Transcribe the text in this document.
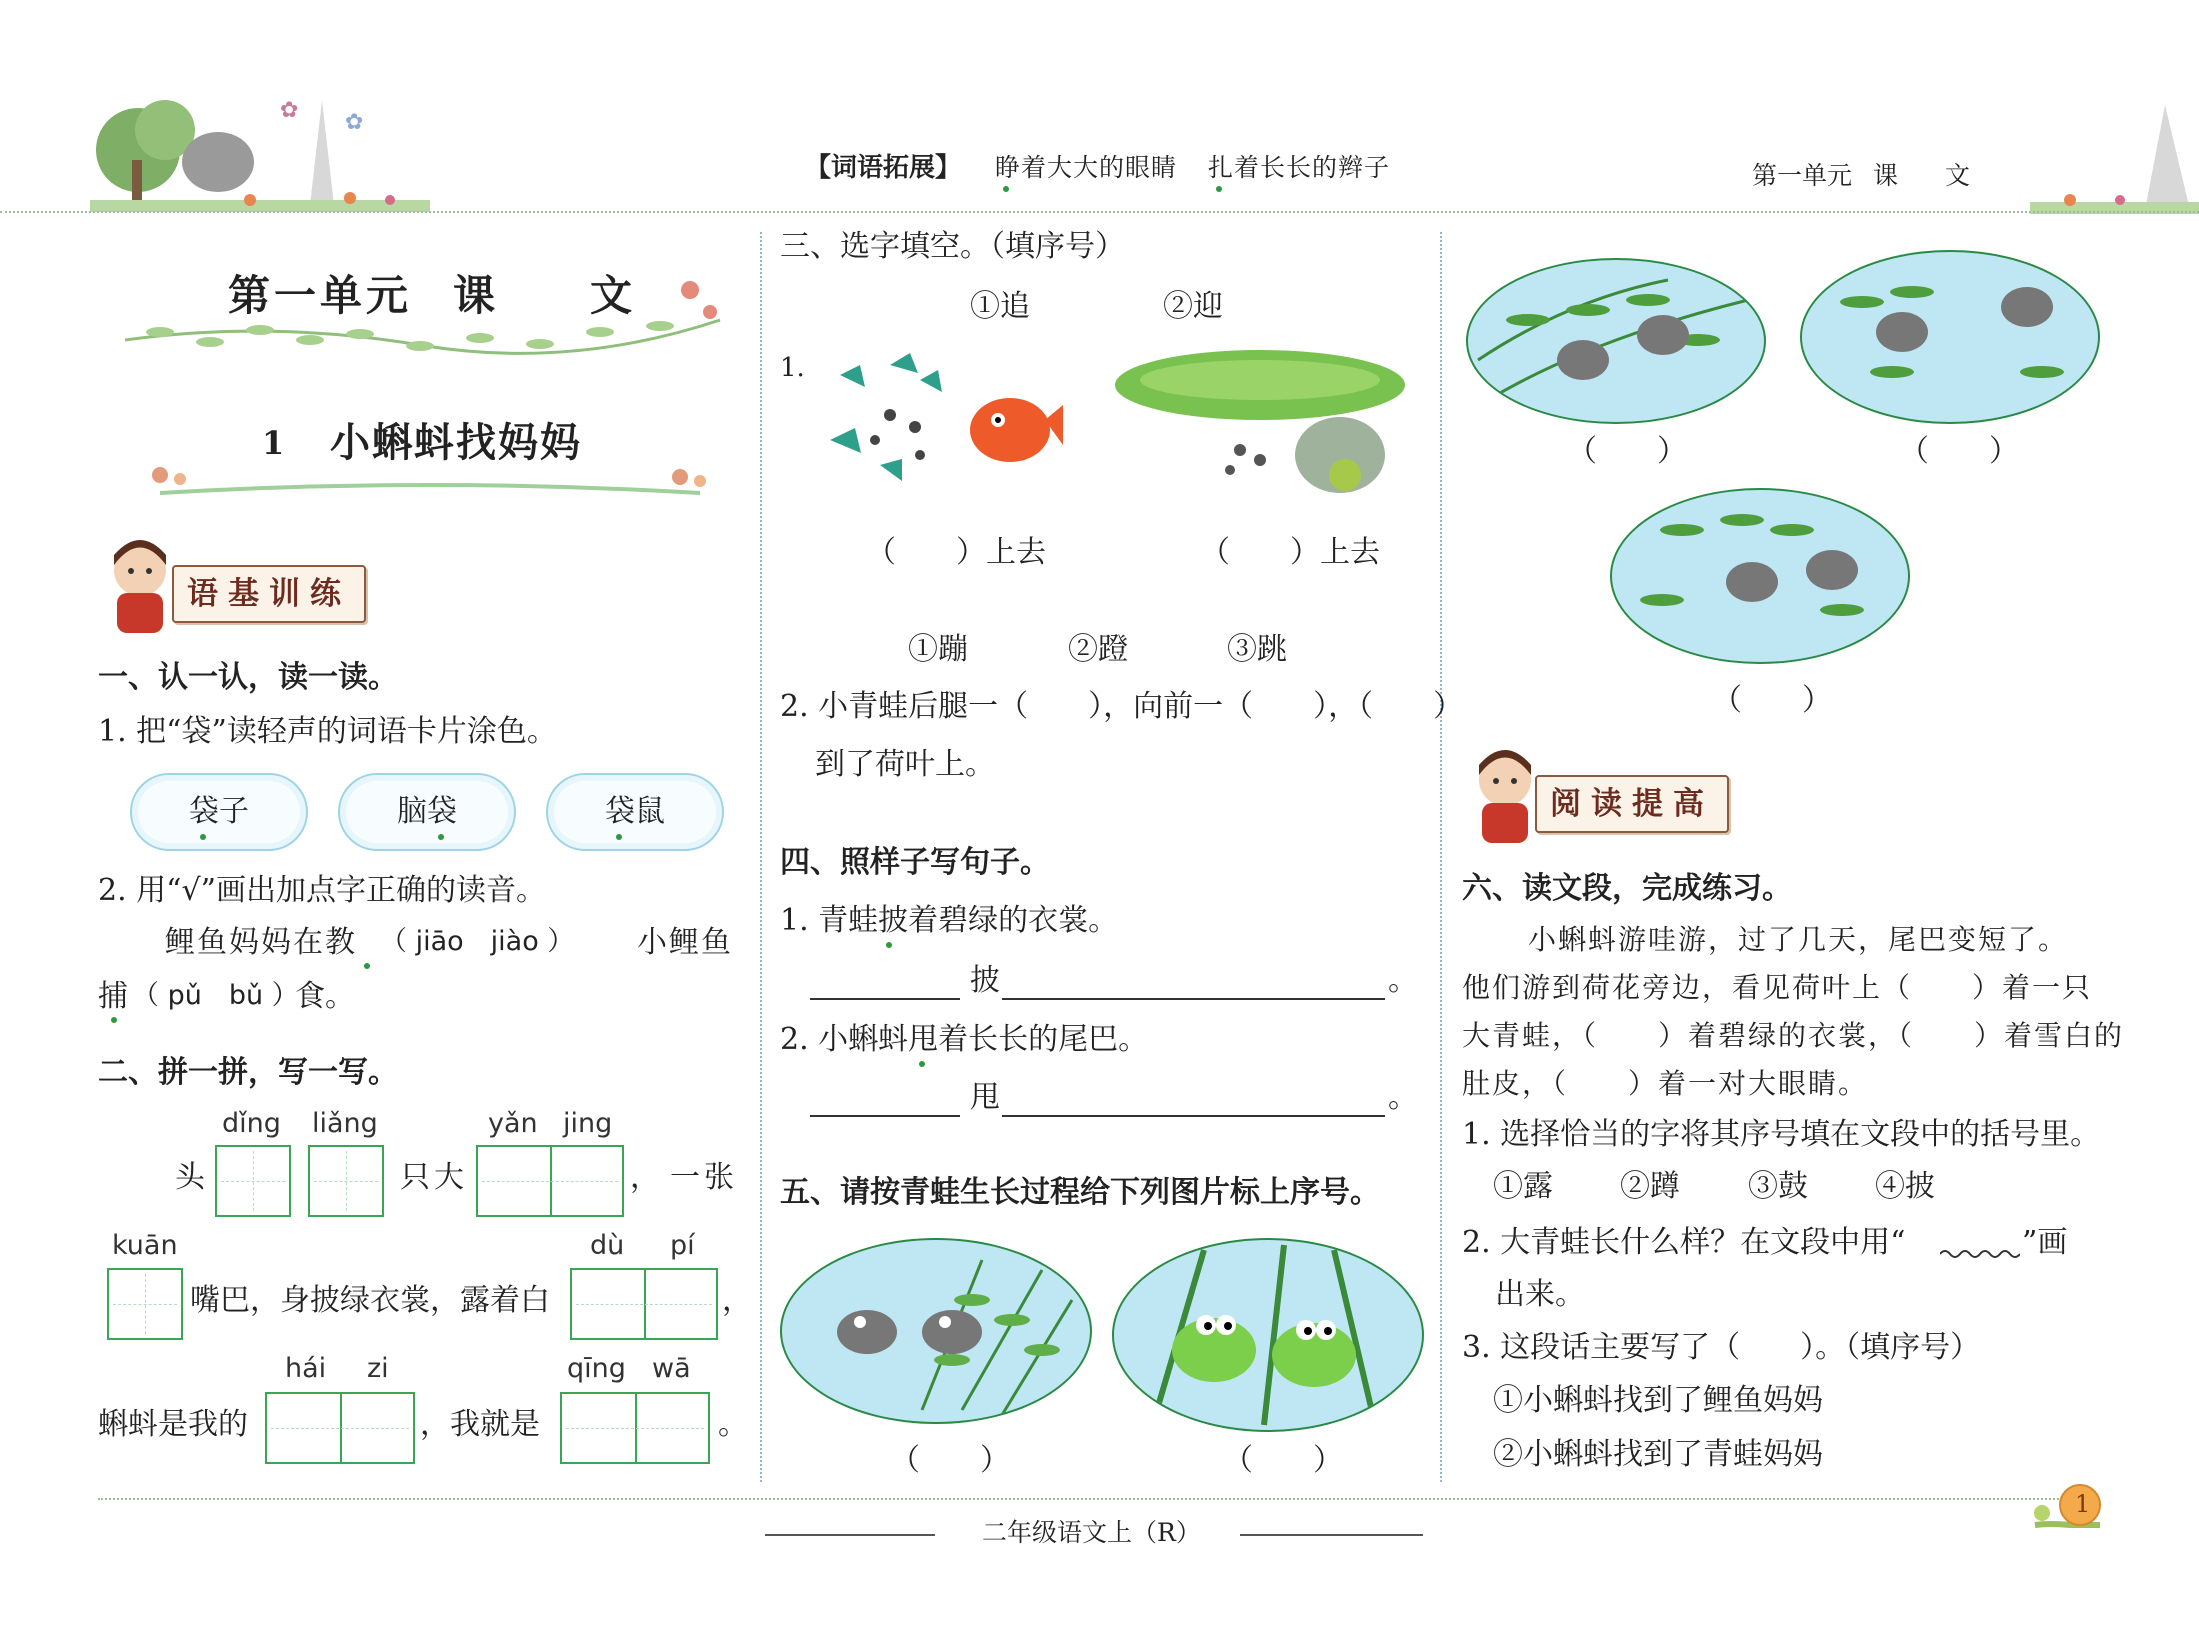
✿ ✿
【词语拓展】 睁着大大的眼睛 扎着长长的辫子	第一单元 课 文
第一单元 课 文
1 小蝌蚪找妈妈
语基训练
一、认一认，读一读。
1. 把“袋”读轻声的词语卡片涂色。
袋子	脑袋	袋鼠
2. 用“√”画出加点字正确的读音。
鲤鱼妈妈在教 （ jiāo　jiào ） 小鲤鱼
捕 （ pǔ　bǔ ）
食。
二、拼一拼，写一写。
dǐng liǎng	yǎn jing
头	只大	， 一张
kuān	dù pí
嘴巴，身披绿衣裳，露着白	，
hái zi	qīng wā
蝌蚪是我的	，我就是	。
三、选字填空。（填序号）
①追	②迎
1.
（　　）上去	（　　）上去
①蹦	②蹬	③跳
2. 小青蛙后腿一（　　），向前一（　　），（　　）
到了荷叶上。
四、照样子写句子。
1. 青蛙披着碧绿的衣裳。
披	。
2. 小蝌蚪甩着长长的尾巴。
甩	。
五、请按青蛙生长过程给下列图片标上序号。
（　　）	（　　）
（　　）	（　　）
（　　）
阅读提高
六、读文段，完成练习。
小蝌蚪游哇游，过了几天，尾巴变短了。
他们游到荷花旁边，看见荷叶上（　　）着一只
大青蛙，（　　）着碧绿的衣裳，（　　）着雪白的
肚皮，（　　）着一对大眼睛。
1. 选择恰当的字将其序号填在文段中的括号里。
①露 ②蹲 ③鼓 ④披
2. 大青蛙长什么样？在文段中用“	”画
出来。
3. 这段话主要写了（　　）。（填序号）
①小蝌蚪找到了鲤鱼妈妈
②小蝌蚪找到了青蛙妈妈
二年级语文上（R）
1
